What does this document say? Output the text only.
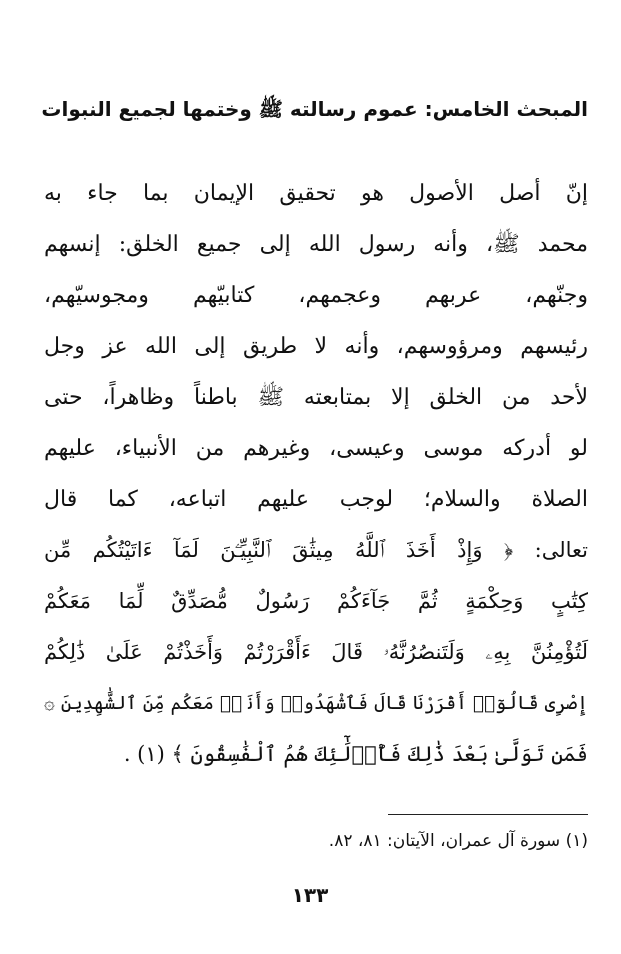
المبحث الخامس: عموم رسالته ﷺ وختمها لجميع النبوات
إنّ أصل الأصول هو تحقيق الإيمان بما جاء به
محمد ﷺ، وأنه رسول الله إلى جميع الخلق: إنسهم
وجنّهم، عربهم وعجمهم، كتابيّهم ومجوسيّهم،
رئيسهم ومرؤوسهم، وأنه لا طريق إلى الله عز وجل
لأحد من الخلق إلا بمتابعته ﷺ باطناً وظاهراً، حتى
لو أدركه موسى وعيسى، وغيرهم من الأنبياء، عليهم
الصلاة والسلام؛ لوجب عليهم اتباعه، كما قال
تعالى: ﴿ وَإِذْ أَخَذَ ٱللَّهُ مِيثَٰقَ ٱلنَّبِيِّـۧنَ لَمَآ ءَاتَيْتُكُم مِّن
كِتَٰبٍ وَحِكْمَةٍ ثُمَّ جَآءَكُمْ رَسُولٌ مُّصَدِّقٌ لِّمَا مَعَكُمْ
لَتُؤْمِنُنَّ بِهِۦ وَلَتَنصُرُنَّهُۥ قَالَ ءَأَقْرَرْتُمْ وَأَخَذْتُمْ عَلَىٰ ذَٰلِكُمْ
إِصْرِى قَالُوٓا۟ أَقْرَرْنَا قَالَ فَٱشْهَدُوا۟ وَأَنَا۠ مَعَكُم مِّنَ ٱلشَّٰهِدِينَ ۞
فَمَن تَوَلَّىٰ بَعْدَ ذَٰلِكَ فَأُو۟لَٰٓئِكَ هُمُ ٱلْفَٰسِقُونَ ﴾ (١) .
(١) سورة آل عمران، الآيتان: ٨١، ٨٢.
١٣٣
